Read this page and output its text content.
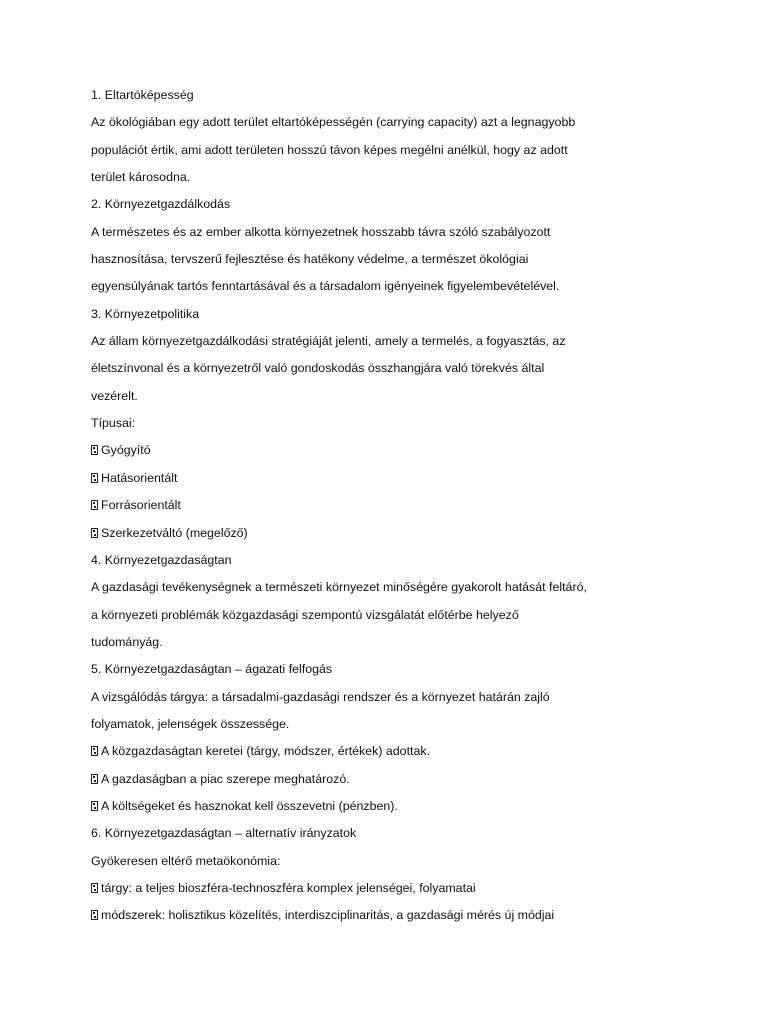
1. Eltartóképesség
Az ökológiában egy adott terület eltartóképességén (carrying capacity) azt a legnagyobb
populációt értik, ami adott területen hosszú távon képes megélni anélkül, hogy az adott
terület károsodna.
2. Környezetgazdálkodás
A természetes és az ember alkotta környezetnek hosszabb távra szóló szabályozott
hasznosítása, tervszerű fejlesztése és hatékony védelme, a természet ökológiai
egyensúlyának tartós fenntartásával és a társadalom igényeinek figyelembevételével.
3. Környezetpolitika
Az állam környezetgazdálkodási stratégiáját jelenti, amely a termelés, a fogyasztás, az
életszínvonal és a környezetről való gondoskodás összhangjára való törekvés által
vezérelt.
Típusai:
Gyógyító
Hatásorientált
Forrásorientált
Szerkezetváltó (megelőző)
4. Környezetgazdaságtan
A gazdasági tevékenységnek a természeti környezet minőségére gyakorolt hatását feltáró,
a környezeti problémák közgazdasági szempontú vizsgálatát előtérbe helyező
tudományág.
5. Környezetgazdaságtan – ágazati felfogás
A vizsgálódás tárgya: a társadalmi-gazdasági rendszer és a környezet határán zajló
folyamatok, jelenségek összessége.
A közgazdaságtan keretei (tárgy, módszer, értékek) adottak.
A gazdaságban a piac szerepe meghatározó.
A költségeket és hasznokat kell összevetni (pénzben).
6. Környezetgazdaságtan – alternatív irányzatok
Gyökeresen eltérő metaökonómia:
tárgy: a teljes bioszféra-technoszféra komplex jelenségei, folyamatai
módszerek: holisztikus közelítés, interdiszciplinaritás, a gazdasági mérés új módjai
